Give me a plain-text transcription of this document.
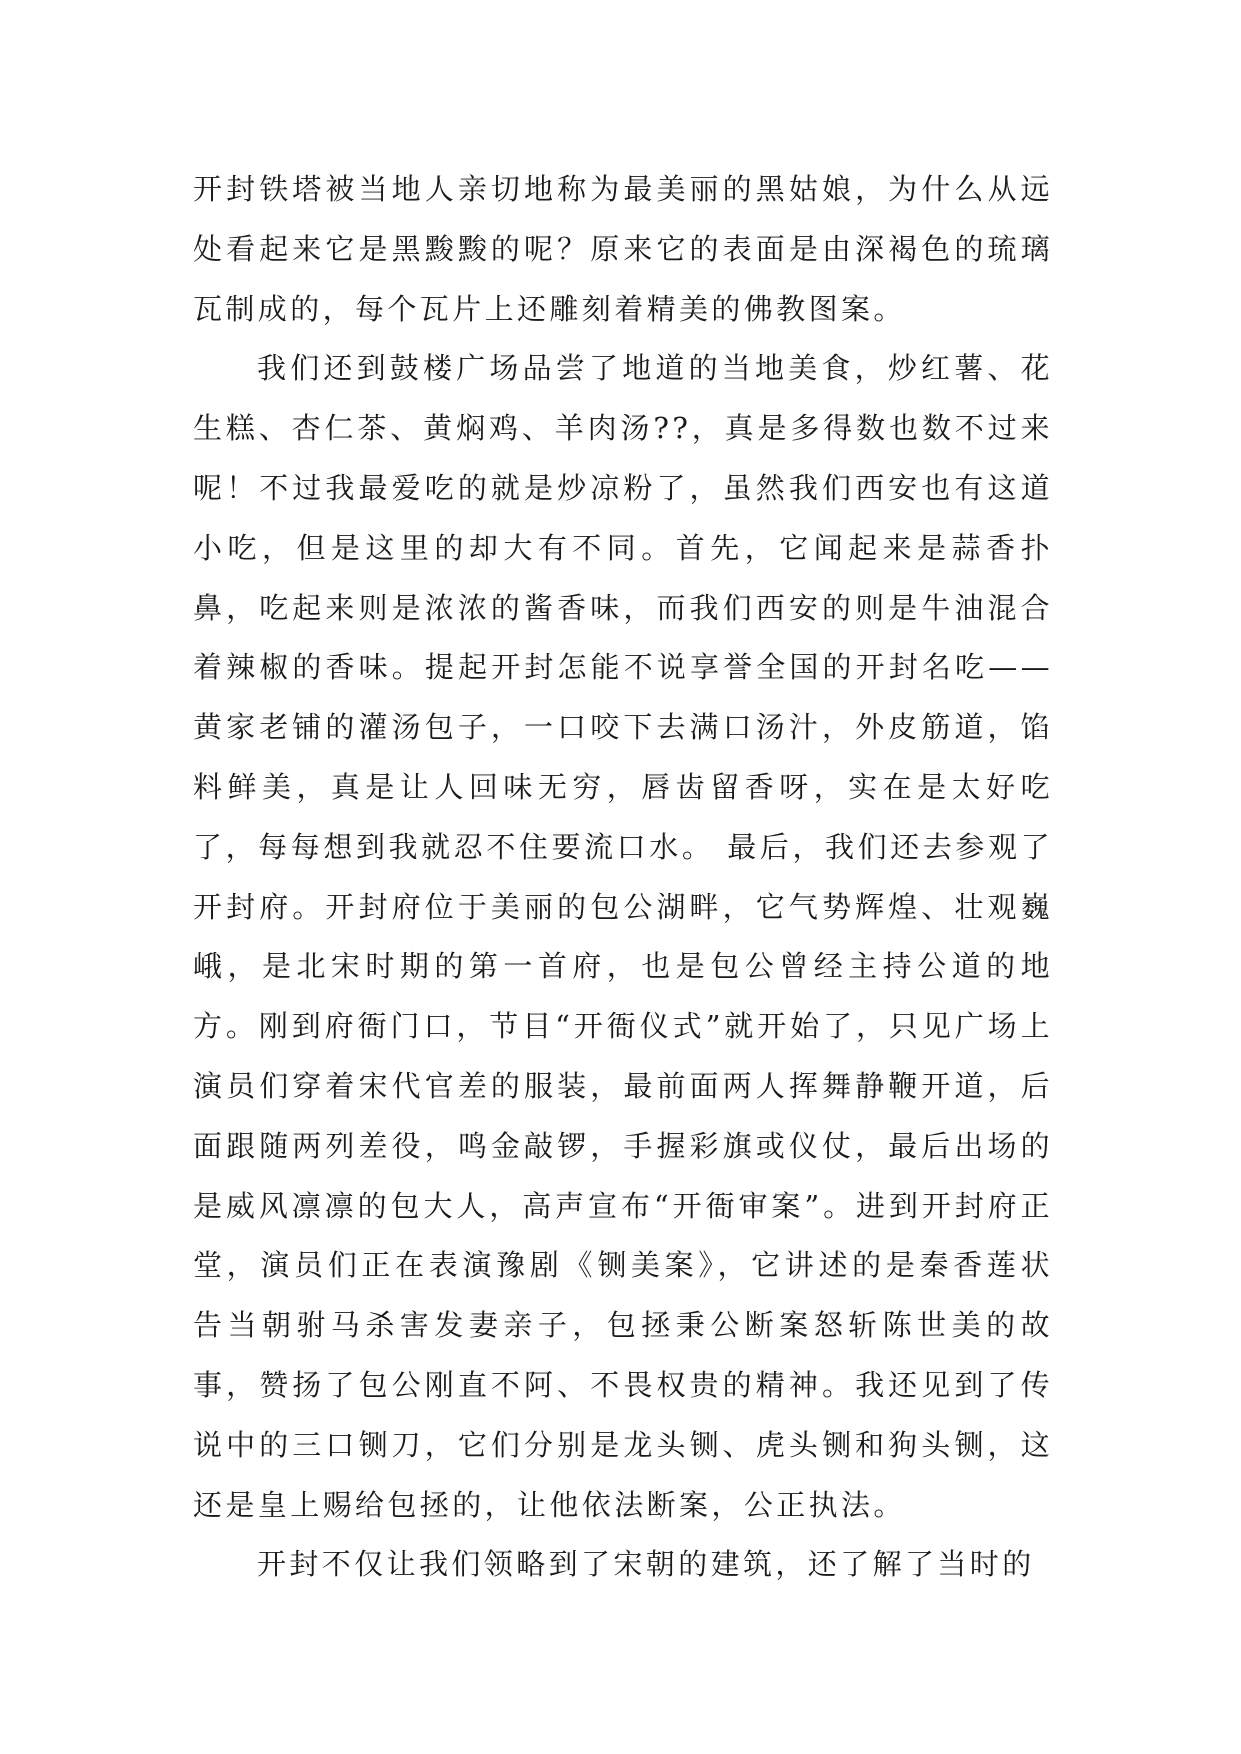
开封铁塔被当地人亲切地称为最美丽的黑姑娘，为什么从远处看起来它是黑黢黢的呢？原来它的表面是由深褐色的琉璃瓦制成的，每个瓦片上还雕刻着精美的佛教图案。

我们还到鼓楼广场品尝了地道的当地美食，炒红薯、花生糕、杏仁茶、黄焖鸡、羊肉汤??，真是多得数也数不过来呢！不过我最爱吃的就是炒凉粉了，虽然我们西安也有这道小吃，但是这里的却大有不同。首先，它闻起来是蒜香扑鼻，吃起来则是浓浓的酱香味，而我们西安的则是牛油混合着辣椒的香味。提起开封怎能不说享誉全国的开封名吃——黄家老铺的灌汤包子，一口咬下去满口汤汁，外皮筋道，馅料鲜美，真是让人回味无穷，唇齿留香呀，实在是太好吃了，每每想到我就忍不住要流口水。 最后，我们还去参观了开封府。开封府位于美丽的包公湖畔，它气势辉煌、壮观巍峨，是北宋时期的第一首府，也是包公曾经主持公道的地方。刚到府衙门口，节目“开衙仪式”就开始了，只见广场上演员们穿着宋代官差的服装，最前面两人挥舞静鞭开道，后面跟随两列差役，鸣金敲锣，手握彩旗或仪仗，最后出场的是威风凛凛的包大人，高声宣布“开衙审案”。进到开封府正堂，演员们正在表演豫剧《铡美案》，它讲述的是秦香莲状告当朝驸马杀害发妻亲子，包拯秉公断案怒斩陈世美的故事，赞扬了包公刚直不阿、不畏权贵的精神。我还见到了传说中的三口铡刀，它们分别是龙头铡、虎头铡和狗头铡，这还是皇上赐给包拯的，让他依法断案，公正执法。

开封不仅让我们领略到了宋朝的建筑，还了解了当时的
